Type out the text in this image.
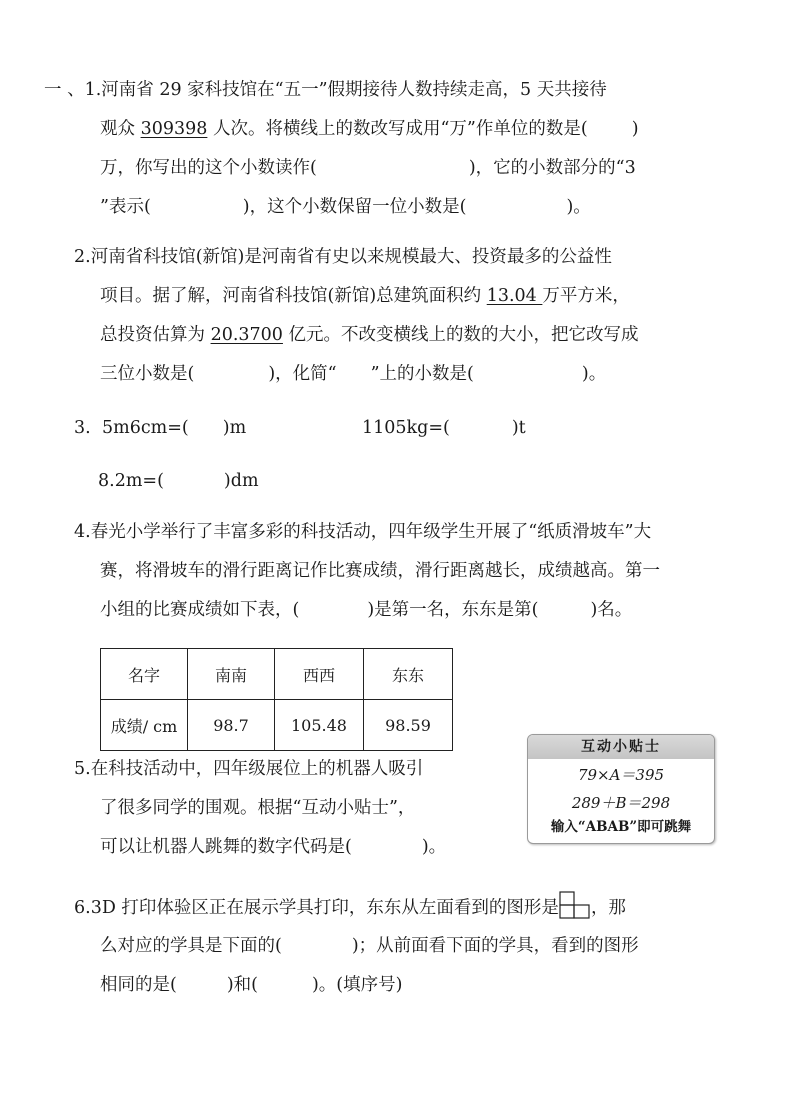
一 、1.河南省 29 家科技馆在“五一”假期接待人数持续走高，5 天共接待
观众 309398 人次。将横线上的数改写成用“万”作单位的数是(	)
万，你写出的这个小数读作(	)，它的小数部分的“3
”表示(	)，这个小数保留一位小数是(	)。
2.河南省科技馆(新馆)是河南省有史以来规模最大、投资最多的公益性
项目。据了解，河南省科技馆(新馆)总建筑面积约 13.04 万平方米，
总投资估算为 20.3700 亿元。不改变横线上的数的大小，把它改写成
三位小数是(	)，化简“ ”上的小数是(	)。
3. 5m6cm=( )m	1105kg=(	)t
8.2m=(	)dm
4.春光小学举行了丰富多彩的科技活动，四年级学生开展了“纸质滑坡车”大
赛，将滑坡车的滑行距离记作比赛成绩，滑行距离越长，成绩越高。第一
小组的比赛成绩如下表，(	)是第一名，东东是第(	)名。
名字	南南	西西	东东
成绩/ cm	98.7	105.48	98.59
5.在科技活动中，四年级展位上的机器人吸引
了很多同学的围观。根据“互动小贴士”，
可以让机器人跳舞的数字代码是(	)。
互动小贴士
79×A＝395
289＋B＝298
输入“ABAB”即可跳舞
6.3D 打印体验区正在展示学具打印，东东从左面看到的图形是 ，那
么对应的学具是下面的(	)；从前面看下面的学具，看到的图形
相同的是(	)和(	)。(填序号)
